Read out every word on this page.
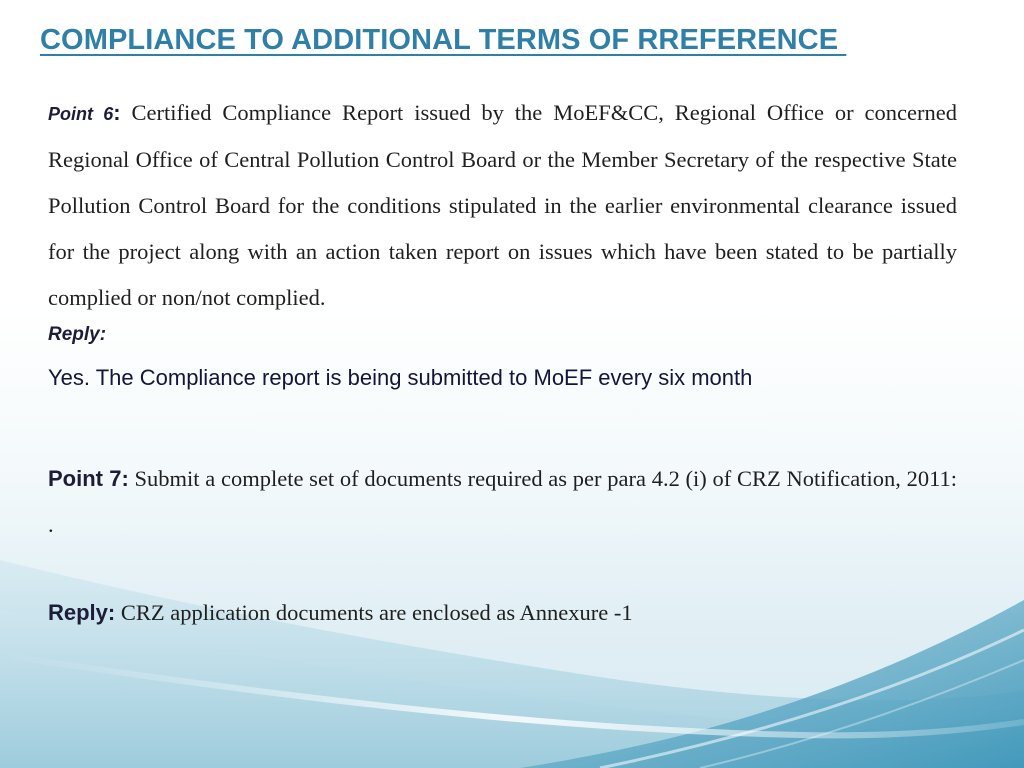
COMPLIANCE TO ADDITIONAL TERMS OF RREFERENCE

Point 6: Certified Compliance Report issued by the MoEF&CC, Regional Office or concerned Regional Office of Central Pollution Control Board or the Member Secretary of the respective State Pollution Control Board for the conditions stipulated in the earlier environmental clearance issued for the project along with an action taken report on issues which have been stated to be partially complied or non/not complied.

Reply:

Yes. The Compliance report is being submitted to MoEF every six month

Point 7: Submit a complete set of documents required as per para 4.2 (i) of CRZ Notification, 2011: .

Reply: CRZ application documents are enclosed as Annexure -1
